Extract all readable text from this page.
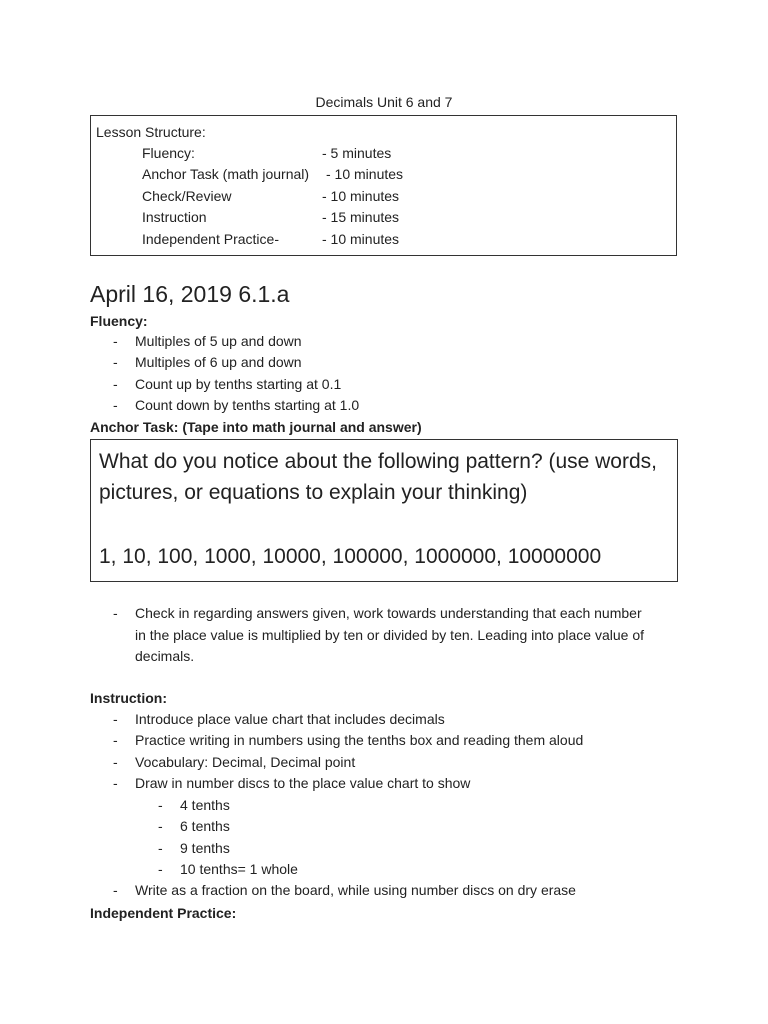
Decimals Unit 6 and 7
Lesson Structure:
Fluency:	- 5 minutes
Anchor Task (math journal) - 10 minutes
Check/Review	- 10 minutes
Instruction	- 15 minutes
Independent Practice-	- 10 minutes
April 16, 2019 6.1.a
Fluency:
- Multiples of 5 up and down
- Multiples of 6 up and down
- Count up by tenths starting at 0.1
- Count down by tenths starting at 1.0
Anchor Task: (Tape into math journal and answer)
What do you notice about the following pattern? (use words, pictures, or equations to explain your thinking)
1, 10, 100, 1000, 10000, 100000, 1000000, 10000000
- Check in regarding answers given, work towards understanding that each number in the place value is multiplied by ten or divided by ten. Leading into place value of decimals.
Instruction:
- Introduce place value chart that includes decimals
- Practice writing in numbers using the tenths box and reading them aloud
- Vocabulary: Decimal, Decimal point
- Draw in number discs to the place value chart to show
- 4 tenths
- 6 tenths
- 9 tenths
- 10 tenths= 1 whole
- Write as a fraction on the board, while using number discs on dry erase
Independent Practice:
